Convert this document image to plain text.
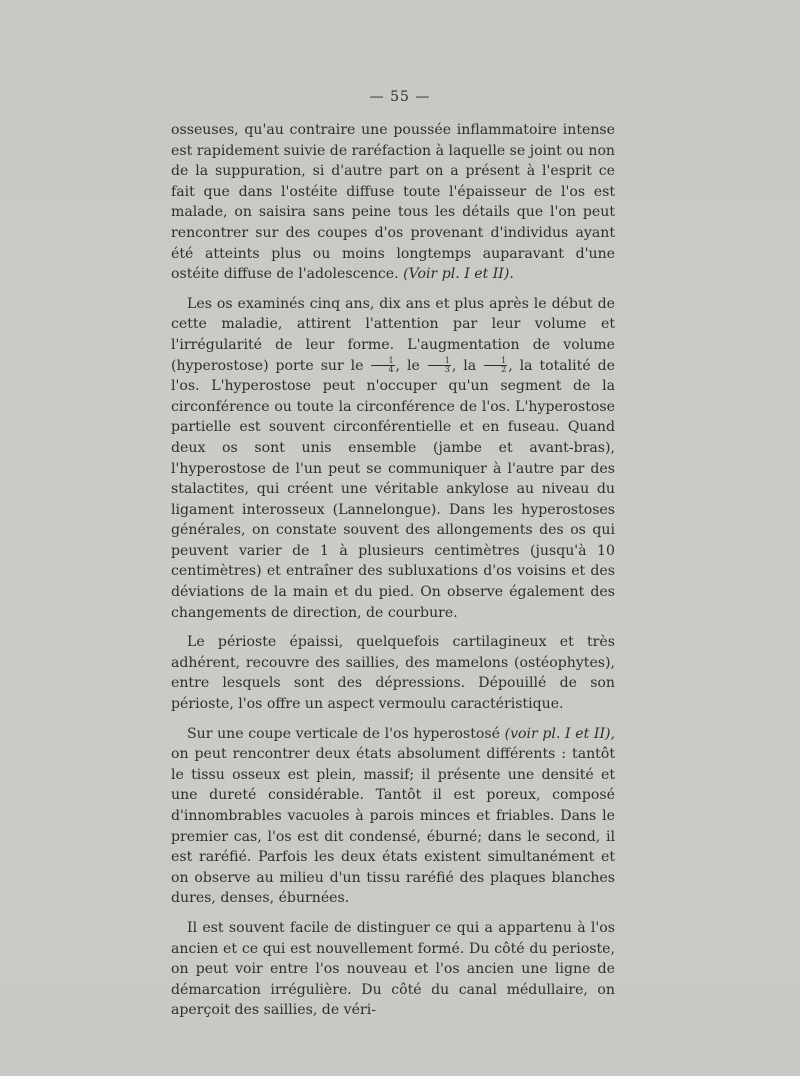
— 55 —

osseuses, qu'au contraire une poussée inflammatoire intense est rapidement suivie de raréfaction à laquelle se joint ou non de la suppuration, si d'autre part on a présent à l'esprit ce fait que dans l'ostéite diffuse toute l'épaisseur de l'os est malade, on saisira sans peine tous les détails que l'on peut rencontrer sur des coupes d'os provenant d'individus ayant été atteints plus ou moins longtemps auparavant d'une ostéite diffuse de l'adolescence. (Voir pl. I et II).

Les os examinés cinq ans, dix ans et plus après le début de cette maladie, attirent l'attention par leur volume et l'irrégularité de leur forme. L'augmentation de volume (hyperostose) porte sur le $\frac{1}{4}$ , le $\frac{1}{3}$ , la $\frac{1}{2}$ , la totalité de l'os. L'hyperostose peut n'occuper qu'un segment de la circonférence ou toute la circonférence de l'os. L'hyperostose partielle est souvent circonférentielle et en fuseau. Quand deux os sont unis ensemble (jambe et avant-bras), l'hyperostose de l'un peut se communiquer à l'autre par des stalactites, qui créent une véritable ankylose au niveau du ligament interosseux (Lannelongue). Dans les hyperostoses générales, on constate souvent des allongements des os qui peuvent varier de 1 à plusieurs centimètres (jusqu'à 10 centimètres) et entraîner des subluxations d'os voisins et des déviations de la main et du pied. On observe également des changements de direction, de courbure.

Le périoste épaissi, quelquefois cartilagineux et très adhérent, recouvre des saillies, des mamelons (ostéophytes), entre lesquels sont des dépressions. Dépouillé de son périoste, l'os offre un aspect vermoulu caractéristique.

Sur une coupe verticale de l'os hyperostosé (voir pl. I et II), on peut rencontrer deux états absolument différents : tantôt le tissu osseux est plein, massif; il présente une densité et une dureté considérable. Tantôt il est poreux, composé d'innombrables vacuoles à parois minces et friables. Dans le premier cas, l'os est dit condensé, éburné; dans le second, il est raréfié. Parfois les deux états existent simultanément et on observe au milieu d'un tissu raréfié des plaques blanches dures, denses, éburnées.

Il est souvent facile de distinguer ce qui a appartenu à l'os ancien et ce qui est nouvellement formé. Du côté du perioste, on peut voir entre l'os nouveau et l'os ancien une ligne de démarcation irrégulière. Du côté du canal médullaire, on aperçoit des saillies, de véri-
